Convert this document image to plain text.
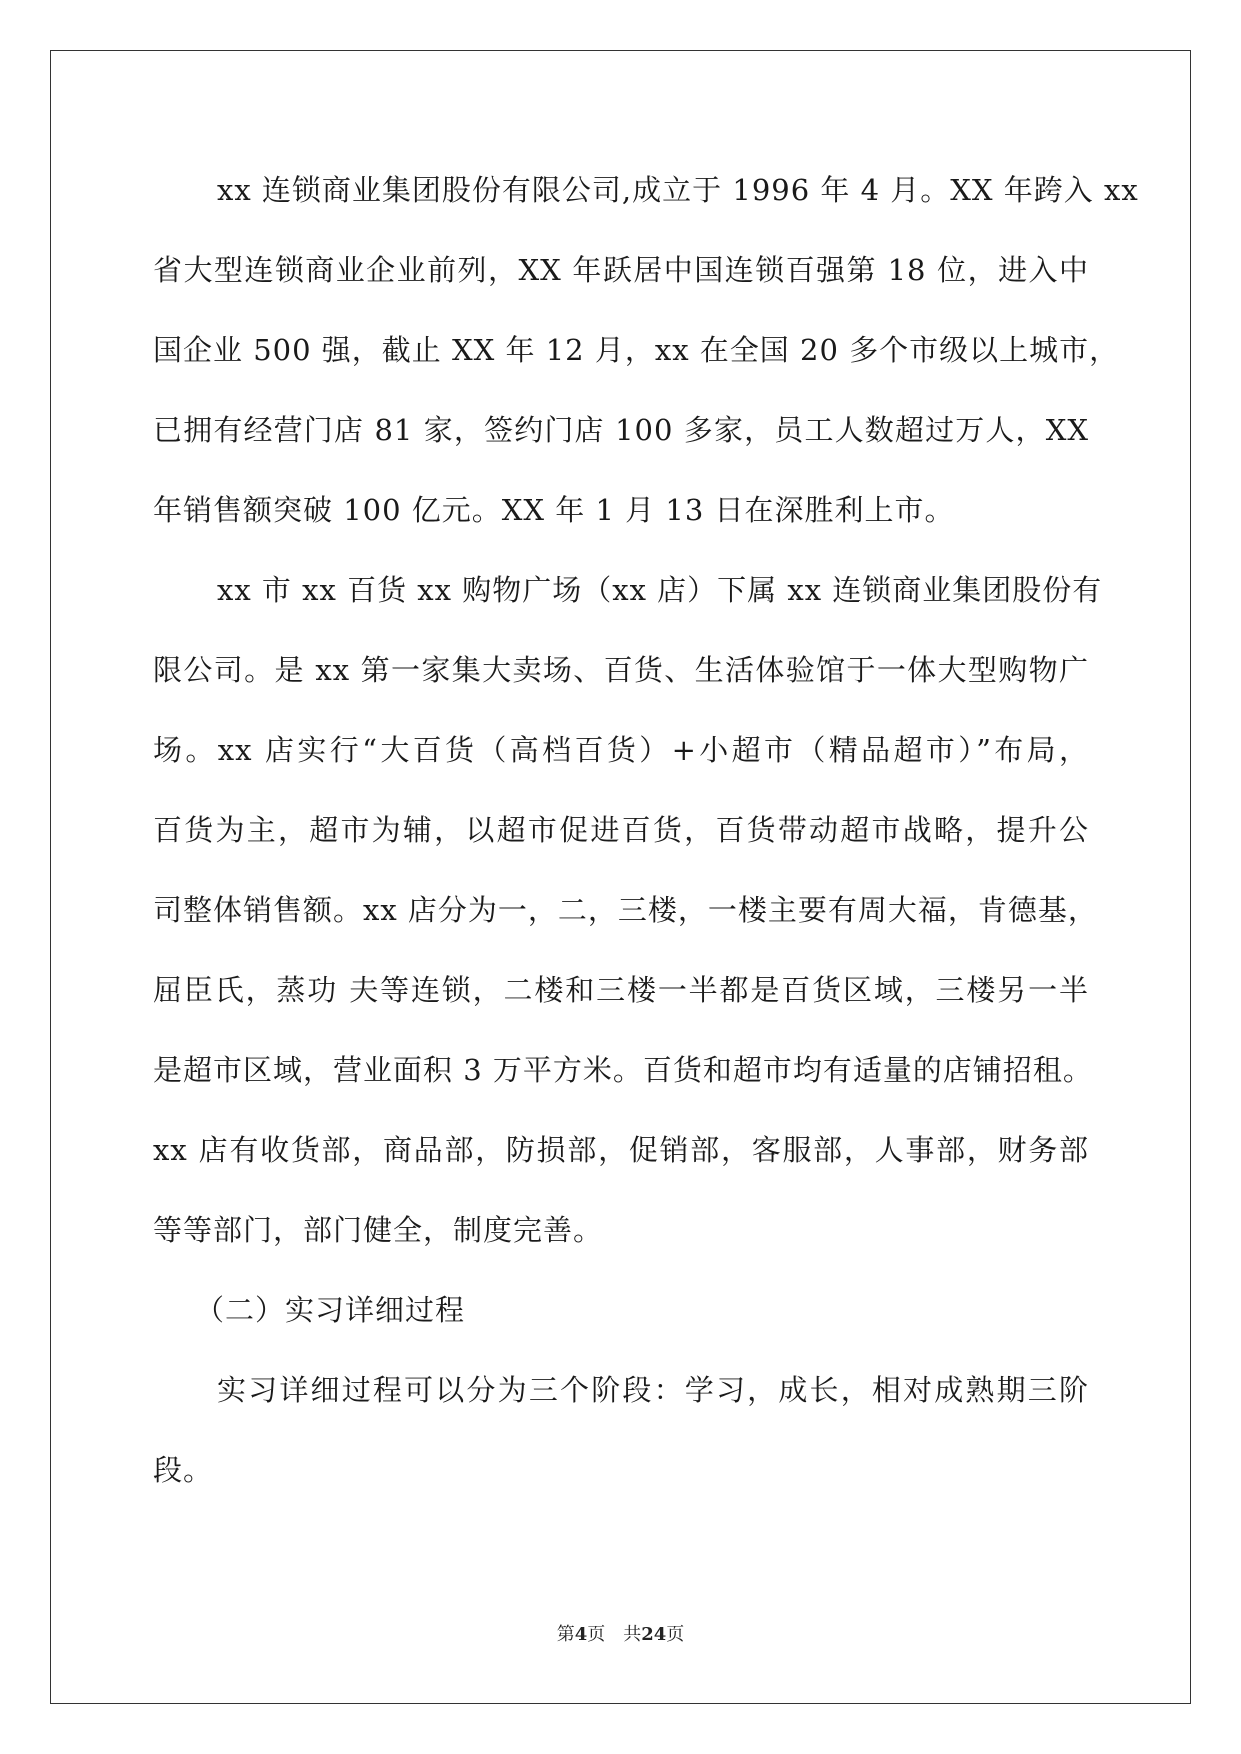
xx 连锁商业集团股份有限公司,成立于 1996 年 4 月。XX 年跨入 xx
省大型连锁商业企业前列，XX 年跃居中国连锁百强第 18 位，进入中
国企业 500 强，截止 XX 年 12 月，xx 在全国 20 多个市级以上城市，
已拥有经营门店 81 家，签约门店 100 多家，员工人数超过万人，XX
年销售额突破 100 亿元。XX 年 1 月 13 日在深胜利上市。
xx 市 xx 百货 xx 购物广场（xx 店）下属 xx 连锁商业集团股份有
限公司。是 xx 第一家集大卖场、百货、生活体验馆于一体大型购物广
场。xx 店实行“大百货（高档百货）+小超市（精品超市）”布局，
百货为主，超市为辅，以超市促进百货，百货带动超市战略，提升公
司整体销售额。xx 店分为一，二，三楼，一楼主要有周大福，肯德基，
屈臣氏，蒸功 夫等连锁，二楼和三楼一半都是百货区域，三楼另一半
是超市区域，营业面积 3 万平方米。百货和超市均有适量的店铺招租。
xx 店有收货部，商品部，防损部，促销部，客服部，人事部，财务部
等等部门，部门健全，制度完善。
（二）实习详细过程
实习详细过程可以分为三个阶段：学习，成长，相对成熟期三阶
段。
第4页 共24页
